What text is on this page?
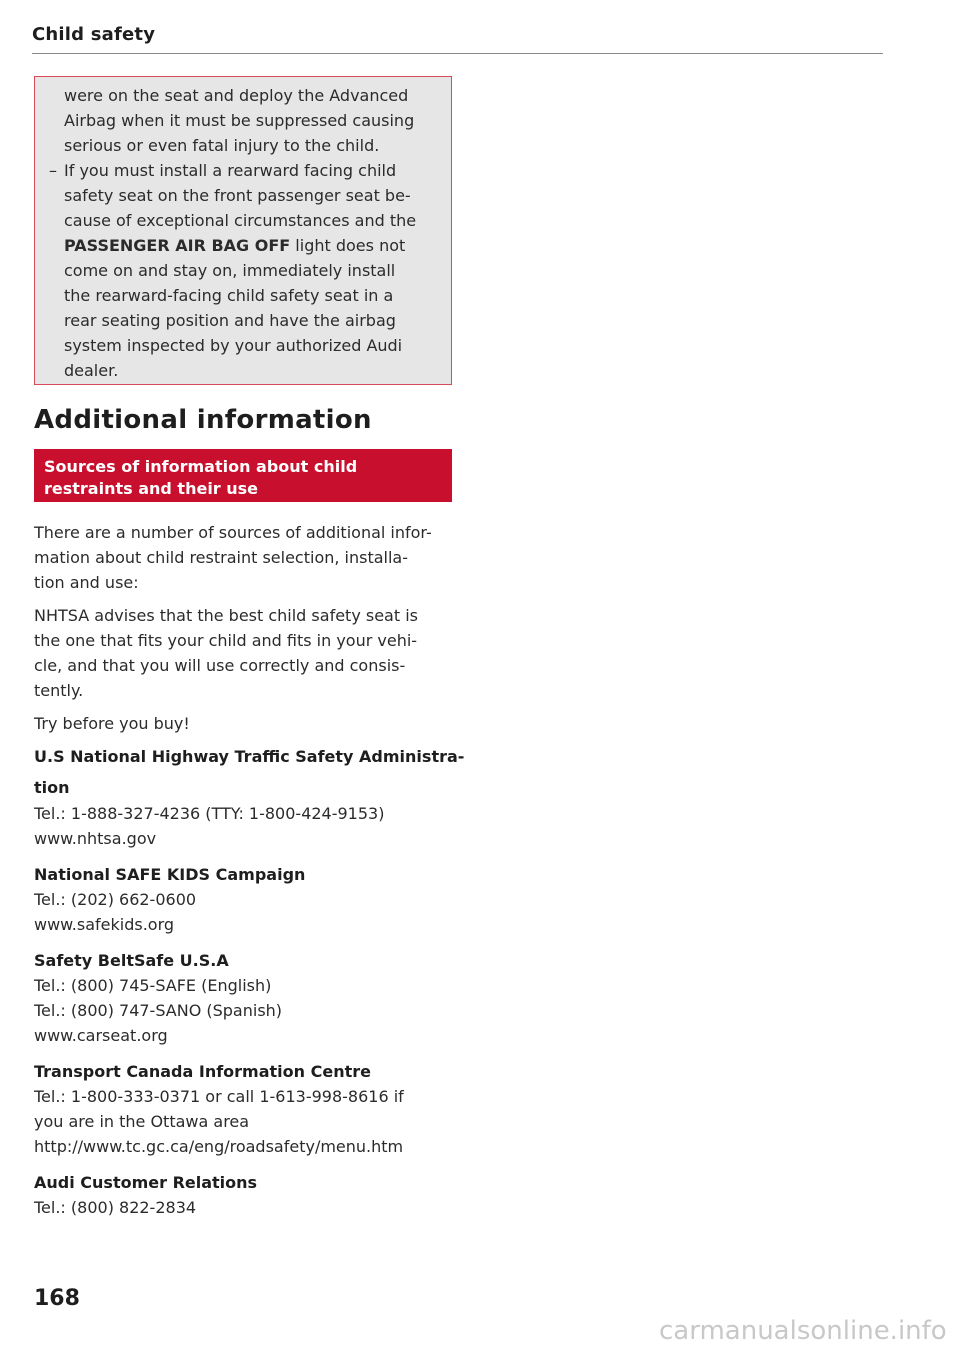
Child safety
were on the seat and deploy the Advanced
Airbag when it must be suppressed causing
serious or even fatal injury to the child.
– If you must install a rearward facing child
safety seat on the front passenger seat be-
cause of exceptional circumstances and the
PASSENGER AIR BAG OFF light does not
come on and stay on, immediately install
the rearward-facing child safety seat in a
rear seating position and have the airbag
system inspected by your authorized Audi
dealer.
Additional information
Sources of information about child
restraints and their use
There are a number of sources of additional infor-
mation about child restraint selection, installa-
tion and use:
NHTSA advises that the best child safety seat is
the one that fits your child and fits in your vehi-
cle, and that you will use correctly and consis-
tently.
Try before you buy!
U.S National Highway Traffic Safety Administra-
tion
Tel.: 1-888-327-4236 (TTY: 1-800-424-9153)
www.nhtsa.gov
National SAFE KIDS Campaign
Tel.: (202) 662-0600
www.safekids.org
Safety BeltSafe U.S.A
Tel.: (800) 745-SAFE (English)
Tel.: (800) 747-SANO (Spanish)
www.carseat.org
Transport Canada Information Centre
Tel.: 1-800-333-0371 or call 1-613-998-8616 if
you are in the Ottawa area
http://www.tc.gc.ca/eng/roadsafety/menu.htm
Audi Customer Relations
Tel.: (800) 822-2834
168
carmanualsonline.info
